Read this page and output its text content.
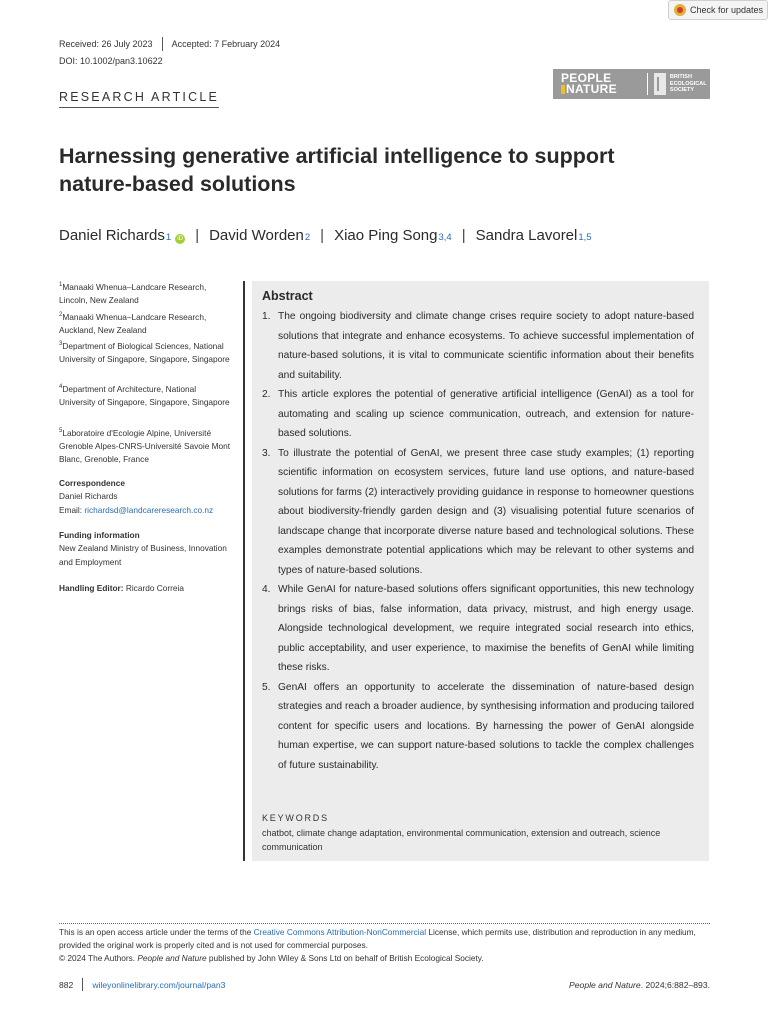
Check for updates
Received: 26 July 2023 Accepted: 7 February 2024
DOI: 10.1002/pan3.10622
RESEARCH ARTICLE
PEOPLE
NATURE
BRITISH
ECOLOGICAL
SOCIETY
Harnessing generative artificial intelligence to support nature-based solutions
Daniel Richards 1	iD | David Worden 2 | Xiao Ping Song 3,4 | Sandra Lavorel 1,5
$^1$Manaaki Whenua–Landcare Research, Lincoln, New Zealand
$^2$Manaaki Whenua–Landcare Research, Auckland, New Zealand
$^3$Department of Biological Sciences, National University of Singapore, Singapore, Singapore
$^4$Department of Architecture, National University of Singapore, Singapore, Singapore
$^5$Laboratoire d'Ecologie Alpine, Université Grenoble Alpes-CNRS-Université Savoie Mont Blanc, Grenoble, France
Correspondence
Daniel Richards
Email: richardsd@landcareresearch.co.nz
Funding information
New Zealand Ministry of Business, Innovation and Employment
Handling Editor: Ricardo Correia
Abstract
1. The ongoing biodiversity and climate change crises require society to adopt nature-based solutions that integrate and enhance ecosystems. To achieve successful implementation of nature-based solutions, it is vital to communicate scientific information about their benefits and suitability.
2. This article explores the potential of generative artificial intelligence (GenAI) as a tool for automating and scaling up science communication, outreach, and extension for nature-based solutions.
3. To illustrate the potential of GenAI, we present three case study examples; (1) reporting scientific information on ecosystem services, future land use options, and nature-based solutions for farms (2) interactively providing guidance in response to homeowner questions about biodiversity-friendly garden design and (3) visualising potential future scenarios of landscape change that incorporate diverse nature based and technological solutions. These examples demonstrate potential applications which may be relevant to other systems and types of nature-based solutions.
4. While GenAI for nature-based solutions offers significant opportunities, this new technology brings risks of bias, false information, data privacy, mistrust, and high energy usage. Alongside technological development, we require integrated social research into ethics, public acceptability, and user experience, to maximise the benefits of GenAI while limiting these risks.
5. GenAI offers an opportunity to accelerate the dissemination of nature-based design strategies and reach a broader audience, by synthesising information and producing tailored content for specific users and locations. By harnessing the power of GenAI alongside human expertise, we can support nature-based solutions to tackle the complex challenges of future sustainability.
KEYWORDS
chatbot, climate change adaptation, environmental communication, extension and outreach, science communication
This is an open access article under the terms of the Creative Commons Attribution-NonCommercial License, which permits use, distribution and reproduction in any medium, provided the original work is properly cited and is not used for commercial purposes.
© 2024 The Authors. People and Nature published by John Wiley & Sons Ltd on behalf of British Ecological Society.
882 wileyonlinelibrary.com/journal/pan3	People and Nature. 2024;6:882–893.
